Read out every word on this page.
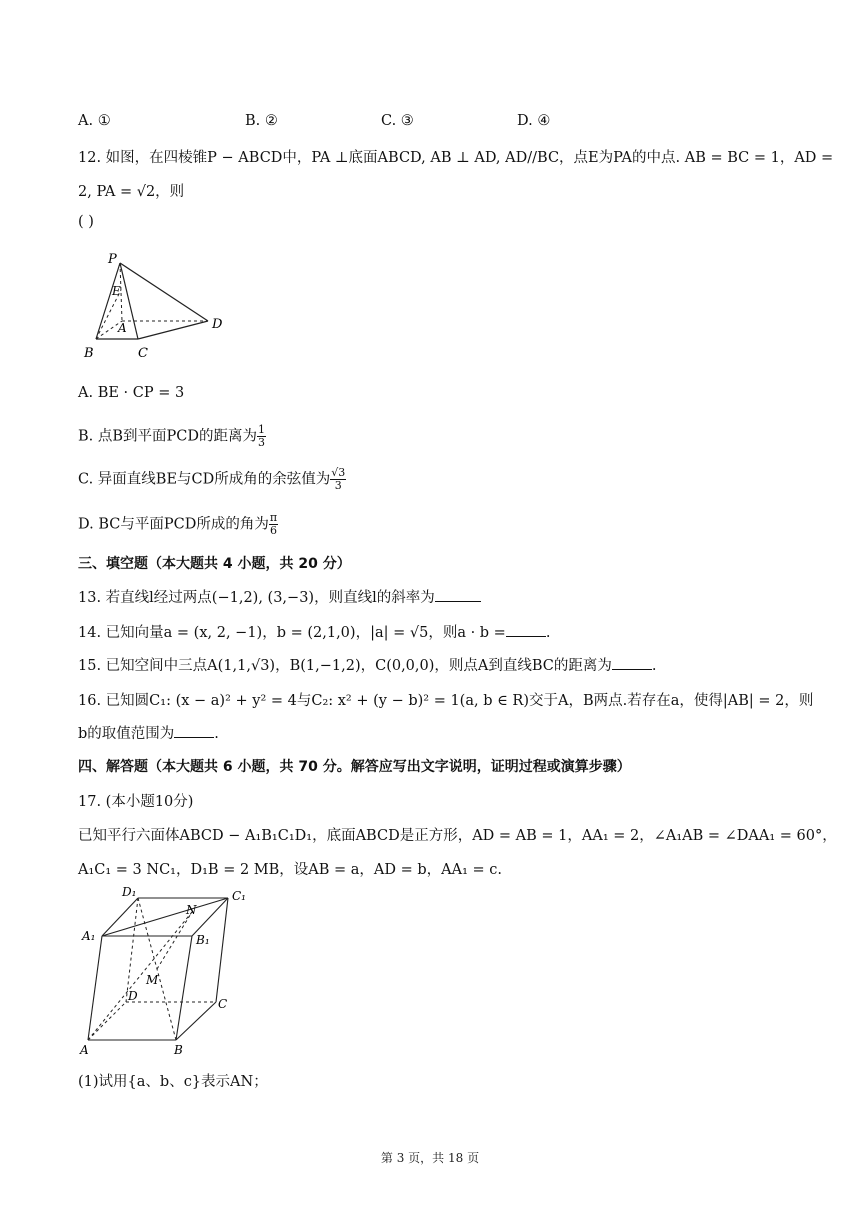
A. ①	B. ②	C. ③	D. ④
12. 如图，在四棱锥P − ABCD中，PA ⊥底面ABCD, AB ⊥ AD, AD//BC，点E为PA的中点. AB = BC = 1，AD =
2, PA = √2，则
( )
P
E
A
B	C
D
A. BE · CP = 3
B. 点B到平面PCD的距离为 $\frac{1}{3}$
C. 异面直线BE与CD所成角的余弦值为 $\frac{√3}{3}$
D. BC与平面PCD所成的角为 $\frac{\pi}{6}$
三、填空题（本大题共 4 小题，共 20 分）
13. 若直线l经过两点(−1,2), (3,−3)，则直线l的斜率为
14. 已知向量a = (x, 2, −1)，b = (2,1,0)，|a| = √5，则a · b =	.
15. 已知空间中三点A(1,1,√3)，B(1,−1,2)，C(0,0,0)，则点A到直线BC的距离为	.
16. 已知圆C₁: (x − a)² + y² = 4与C₂: x² + (y − b)² = 1(a, b ∈ R)交于A，B两点.若存在a，使得|AB| = 2，则
b的取值范围为	.
四、解答题（本大题共 6 小题，共 70 分。解答应写出文字说明，证明过程或演算步骤）
17. (本小题10分)
已知平行六面体ABCD − A₁B₁C₁D₁，底面ABCD是正方形，AD = AB = 1，AA₁ = 2，∠A₁AB = ∠DAA₁ = 60°，
A₁C₁ = 3 NC₁，D₁B = 2 MB，设AB = a，AD = b，AA₁ = c.
D₁	C₁
N
A₁	B₁
M
D
C
A	B
(1)试用{a、b、c}表示AN；
第 3 页，共 18 页
